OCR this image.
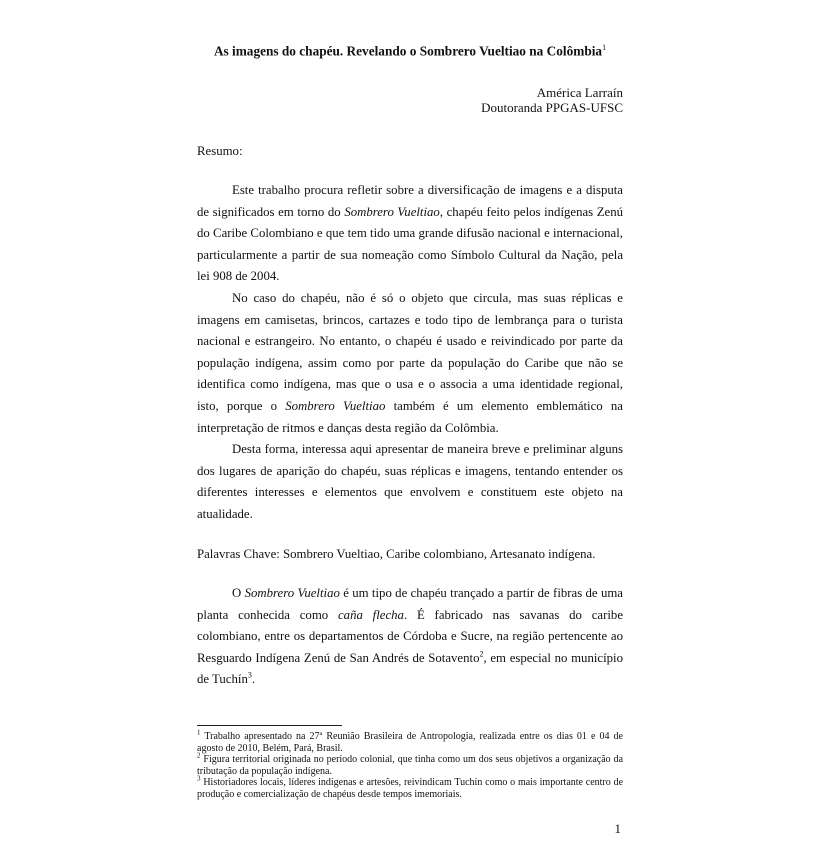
As imagens do chapéu. Revelando o Sombrero Vueltiao na Colômbia$^1$
América Larraín
Doutoranda PPGAS-UFSC
Resumo:

Este trabalho procura refletir sobre a diversificação de imagens e a disputa de significados em torno do Sombrero Vueltiao, chapéu feito pelos indígenas Zenú do Caribe Colombiano e que tem tido uma grande difusão nacional e internacional, particularmente a partir de sua nomeação como Símbolo Cultural da Nação, pela lei 908 de 2004.

No caso do chapéu, não é só o objeto que circula, mas suas réplicas e imagens em camisetas, brincos, cartazes e todo tipo de lembrança para o turista nacional e estrangeiro. No entanto, o chapéu é usado e reivindicado por parte da população indígena, assim como por parte da população do Caribe que não se identifica como indígena, mas que o usa e o associa a uma identidade regional, isto, porque o Sombrero Vueltiao também é um elemento emblemático na interpretação de ritmos e danças desta região da Colômbia.

Desta forma, interessa aqui apresentar de maneira breve e preliminar alguns dos lugares de aparição do chapéu, suas réplicas e imagens, tentando entender os diferentes interesses e elementos que envolvem e constituem este objeto na atualidade.

Palavras Chave: Sombrero Vueltiao, Caribe colombiano, Artesanato indígena.

O Sombrero Vueltiao é um tipo de chapéu trançado a partir de fibras de uma planta conhecida como caña flecha. É fabricado nas savanas do caribe colombiano, entre os departamentos de Córdoba e Sucre, na região pertencente ao Resguardo Indígena Zenú de San Andrés de Sotavento$^2$, em especial no município de Tuchín$^3$.

$^1$ Trabalho apresentado na 27ª Reunião Brasileira de Antropologia, realizada entre os dias 01 e 04 de agosto de 2010, Belém, Pará, Brasil.

$^2$ Figura territorial originada no período colonial, que tinha como um dos seus objetivos a organização da tributação da população indígena.

$^3$ Historiadores locais, líderes indígenas e artesões, reivindicam Tuchín como o mais importante centro de produção e comercialização de chapéus desde tempos imemoriais.

1
